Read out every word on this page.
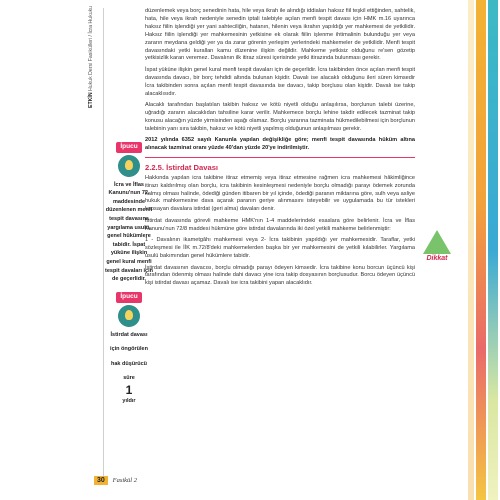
ETKİN Hukuk Dersi Fasikülleri / İcra Hukuku
İpucu
İcra ve İflas Kanunu'nun 72. maddesinde düzenlenen menfi tespit davasına yargılama usulü, genel hükümlere tabidir. İspat yüküne ilişkin genel kural menfi tespit davaları için de geçerlidir.
İpucu
İstirdat davası
için öngörülen
hak düşürücü
süre
1
yıldır

düzenlemek veya borç senedinin hata, hile veya ikrah ile alındığı iddiaları haksız fiil teşkil ettiğinden, sahtelik, hata, hile veya ikrah nedeniyle senedin iptali talebiyle açılan menfi tespit davası için HMK m.16 uyarınca haksız fiilin işlendiği yer yani sahteciliğin, hatanın, hilenin veya ikrahın yapıldığı yer mahkemesi de yetkilidir. Haksız fiilin işlendiği yer mahkemesinin yetkisine ek olarak fiilin işlenme ihtimalinin bulunduğu yer veya zararın meydana geldiği yer ya da zarar görenin yerleşim yerlerindeki mahkemeler de yetkilidir. Menfi tespit davasındaki yetki kuralları kamu düzenine ilişkin değildir. Mahkeme yetkisiz olduğunu re'sen gözetip yetkisizlik kararı veremez. Davalının ilk itiraz süresi içerisinde yetki itirazında bulunması gerekir.

İspat yüküne ilişkin genel kural menfi tespit davaları için de geçerlidir. İcra takibinden önce açılan menfi tespit davasında davacı, bir borç tehdidi altında bulunan kişidir. Davalı ise alacaklı olduğunu ileri süren kimsedir İcra takibinden sonra açılan menfi tespit davasında ise davacı, takip borçlusu olan kişidir. Davalı ise takip alacaklısıdır.

Alacaklı tarafından başlatılan takibin haksız ve kötü niyetli olduğu anlaşılırsa, borçlunun talebi üzerine, uğradığı zararın alacaklıdan tahsiline karar verilir. Mahkemece borçlu lehine takdir edilecek tazminat takip konusu alacağın yüzde yirmisinden aşağı olamaz. Borçlu yararına tazminata hükmedilebilmesi için borçlunun talebinin yanı sıra takibin, haksız ve kötü niyetli yapılmış olduğunun anlaşılması gerekir.

2012 yılında 6352 sayılı Kanunla yapılan değişikliğe göre; menfi tespit davasında hüküm altına alınacak tazminat oranı yüzde 40'dan yüzde 20'ye indirilmiştir.

2.2.5. İstirdat Davası

Hakkında yapılan icra takibine itiraz etmemiş veya itiraz etmesine rağmen icra mahkemesi hâkimliğince itirazı kaldırılmış olan borçlu, icra takibinin kesinleşmesi nedeniyle borçlu olmadığı parayı ödemek zorunda kalmış olması halinde, ödediği günden itibaren bir yıl içinde, ödediği paranın miktarına göre, sulh veya asliye hukuk mahkemesine dava açarak paranın geriye alınmasını isteyebilir ve uygulamada bu tür istekleri kapsayan davalara istirdat (geri alma) davaları denir.

İstirdat davasında görevli mahkeme HMK'nın 1-4 maddelerindeki esaslara göre belirlenir. İcra ve İflas Kanunu'nun 72/8 maddesi hükmüne göre istirdat davalarında iki özel yetkili mahkeme belirlenmiştir:

1 - Davalının ikametgâhı mahkemesi veya 2- İcra takibinin yapıldığı yer mahkemesidir. Taraflar, yetki sözleşmesi ile İİK m.72/8'deki mahkemelerden başka bir yer mahkemesini de yetkili kılabilirler. Yargılama usulü bakımından genel hükümlere tabidir.

İstirdat davasının davacısı, borçlu olmadığı parayı ödeyen kimsedir. İcra takibine konu borcun üçüncü kişi tarafından ödenmiş olması halinde dahi davacı yine icra takip dosyasının borçlusudur. Borcu ödeyen üçüncü kişi istirdat davası açamaz. Davalı ise icra takibini yapan alacaklıdır.

!
Dikkat
30 Fasikül 2
